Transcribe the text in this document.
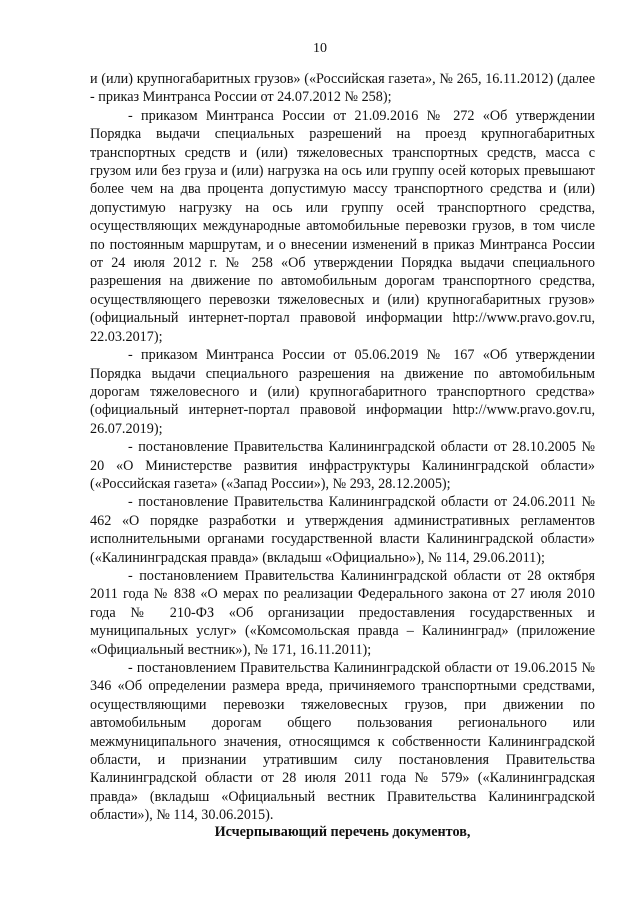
10

и (или) крупногабаритных грузов» («Российская газета», № 265, 16.11.2012) (далее - приказ Минтранса России от 24.07.2012 № 258);

- приказом Минтранса России от 21.09.2016 № 272 «Об утверждении Порядка выдачи специальных разрешений на проезд крупногабаритных транспортных средств и (или) тяжеловесных транспортных средств, масса с грузом или без груза и (или) нагрузка на ось или группу осей которых превышают более чем на два процента допустимую массу транспортного средства и (или) допустимую нагрузку на ось или группу осей транспортного средства, осуществляющих международные автомобильные перевозки грузов, в том числе по постоянным маршрутам, и о внесении изменений в приказ Минтранса России от 24 июля 2012 г. № 258 «Об утверждении Порядка выдачи специального разрешения на движение по автомобильным дорогам транспортного средства, осуществляющего перевозки тяжеловесных и (или) крупногабаритных грузов» (официальный интернет-портал правовой информации http://www.pravo.gov.ru, 22.03.2017);

- приказом Минтранса России от 05.06.2019 № 167 «Об утверждении Порядка выдачи специального разрешения на движение по автомобильным дорогам тяжеловесного и (или) крупногабаритного транспортного средства» (официальный интернет-портал правовой информации http://www.pravo.gov.ru, 26.07.2019);

- постановление Правительства Калининградской области от 28.10.2005 № 20 «О Министерстве развития инфраструктуры Калининградской области» («Российская газета» («Запад России»), № 293, 28.12.2005);

- постановление Правительства Калининградской области от 24.06.2011 № 462 «О порядке разработки и утверждения административных регламентов исполнительными органами государственной власти Калининградской области» («Калининградская правда» (вкладыш «Официально»), № 114, 29.06.2011);

- постановлением Правительства Калининградской области от 28 октября 2011 года № 838 «О мерах по реализации Федерального закона от 27 июля 2010 года № 210-ФЗ «Об организации предоставления государственных и муниципальных услуг» («Комсомольская правда – Калининград» (приложение «Официальный вестник»), № 171, 16.11.2011);

- постановлением Правительства Калининградской области от 19.06.2015 № 346 «Об определении размера вреда, причиняемого транспортными средствами, осуществляющими перевозки тяжеловесных грузов, при движении по автомобильным дорогам общего пользования регионального или межмуниципального значения, относящимся к собственности Калининградской области, и признании утратившим силу постановления Правительства Калининградской области от 28 июля 2011 года № 579» («Калининградская правда» (вкладыш «Официальный вестник Правительства Калининградской области»), № 114, 30.06.2015).

Исчерпывающий перечень документов,
